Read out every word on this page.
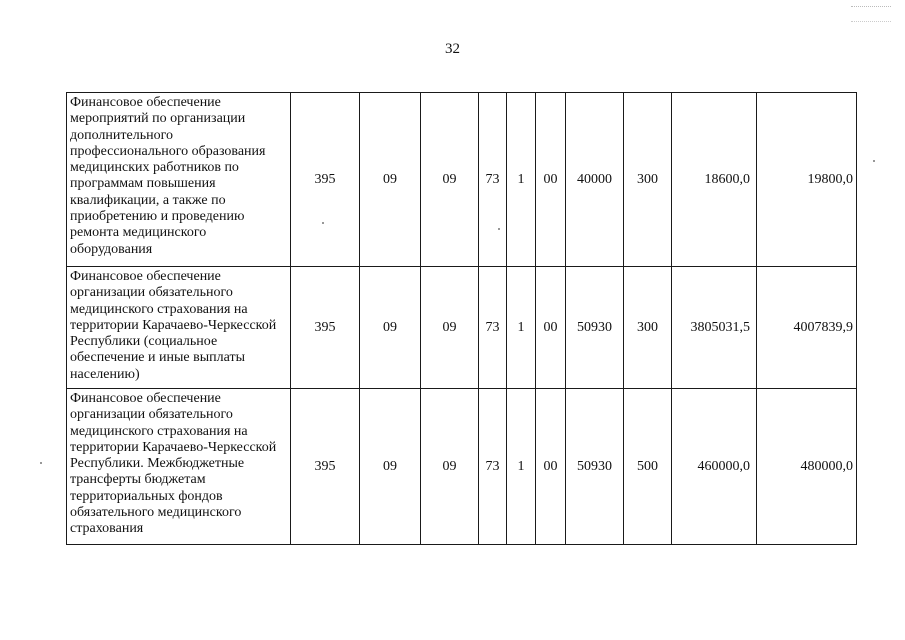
32
Финансовое обеспечение мероприятий по организации дополнительного профессионального образования медицинских работников по программам повышения квалификации, а также по приобретению и проведению ремонта медицинского оборудования	395	09	09	73	1	00	40000	300	18600,0	19800,0
Финансовое обеспечение организации обязательного медицинского страхования на территории Карачаево-Черкесской Республики (социальное обеспечение и иные выплаты населению)	395	09	09	73	1	00	50930	300	3805031,5	4007839,9
Финансовое обеспечение организации обязательного медицинского страхования на территории Карачаево-Черкесской Республики. Межбюджетные трансферты бюджетам территориальных фондов обязательного медицинского страхования	395	09	09	73	1	00	50930	500	460000,0	480000,0
